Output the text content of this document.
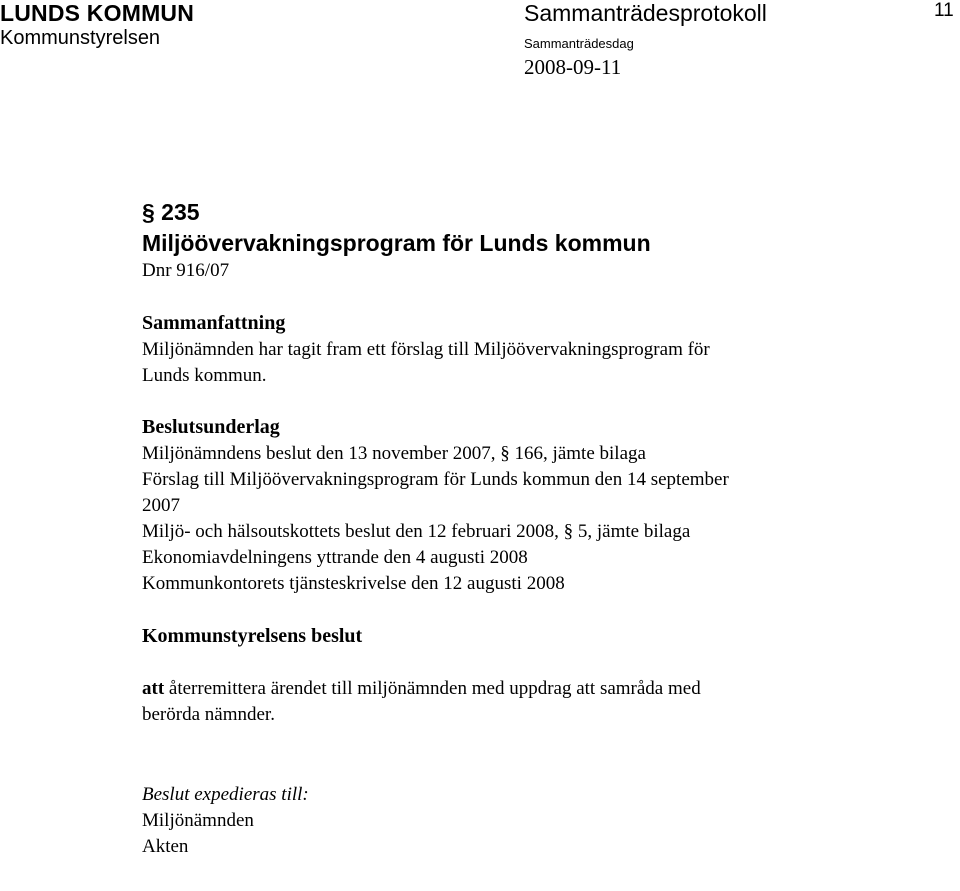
LUNDS KOMMUN
Kommunstyrelsen
Sammanträdesprotokoll	11
Sammanträdesdag
2008-09-11
§ 235
Miljöövervakningsprogram för Lunds kommun
Dnr 916/07
Sammanfattning
Miljönämnden har tagit fram ett förslag till Miljöövervakningsprogram för
Lunds kommun.
Beslutsunderlag
Miljönämndens beslut den 13 november 2007, § 166, jämte bilaga
Förslag till Miljöövervakningsprogram för Lunds kommun den 14 september
2007
Miljö- och hälsoutskottets beslut den 12 februari 2008, § 5, jämte bilaga
Ekonomiavdelningens yttrande den 4 augusti 2008
Kommunkontorets tjänsteskrivelse den 12 augusti 2008
Kommunstyrelsens beslut
att återremittera ärendet till miljönämnden med uppdrag att samråda med
berörda nämnder.
Beslut expedieras till:
Miljönämnden
Akten
